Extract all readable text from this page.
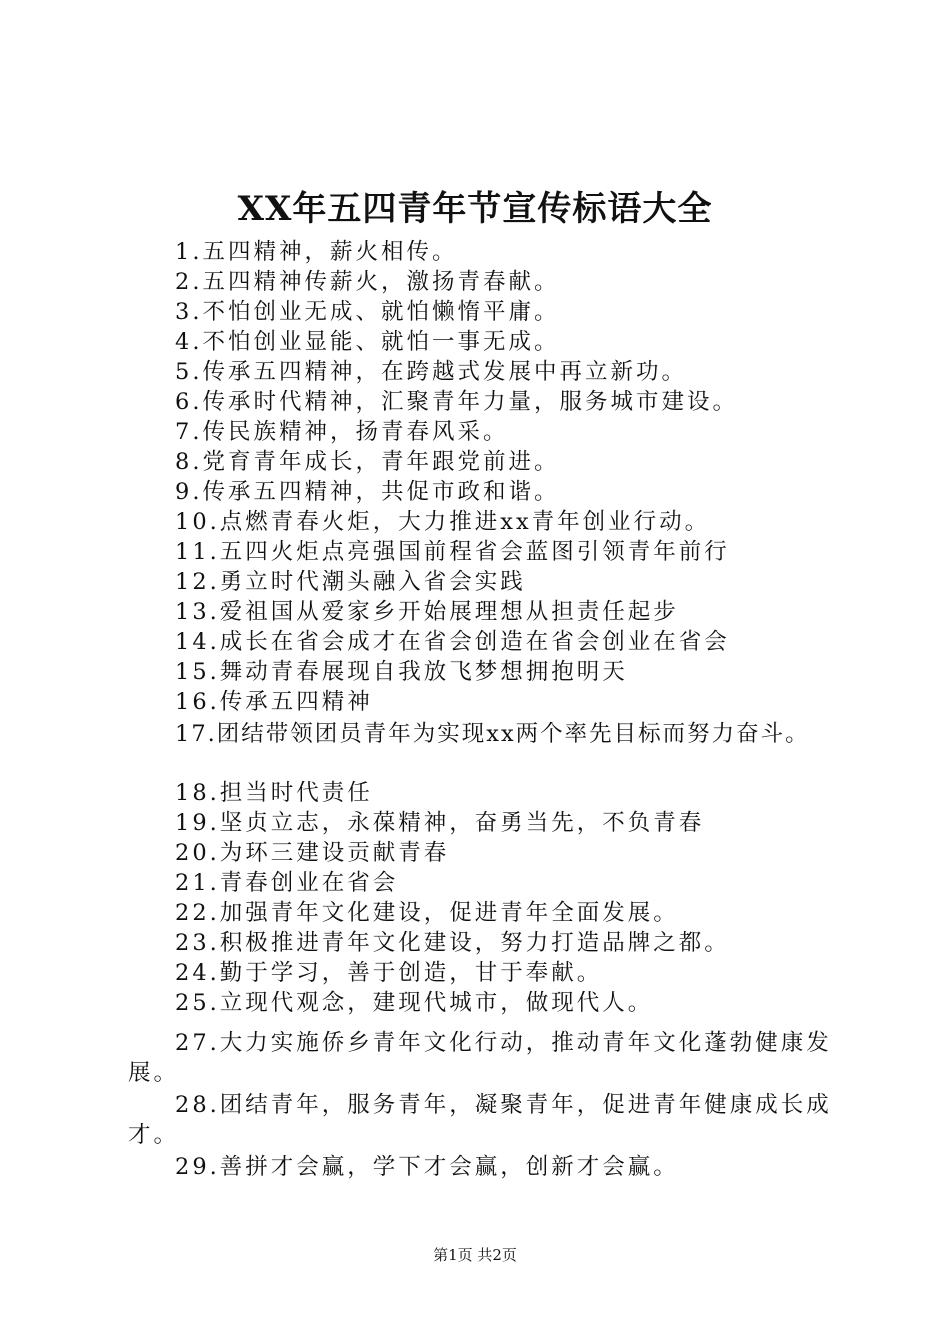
XX年五四青年节宣传标语大全
1.五四精神，薪火相传。
2.五四精神传薪火，激扬青春献。
3.不怕创业无成、就怕懒惰平庸。
4.不怕创业显能、就怕一事无成。
5.传承五四精神，在跨越式发展中再立新功。
6.传承时代精神，汇聚青年力量，服务城市建设。
7.传民族精神，扬青春风采。
8.党育青年成长，青年跟党前进。
9.传承五四精神，共促市政和谐。
10.点燃青春火炬，大力推进xx青年创业行动。
11.五四火炬点亮强国前程省会蓝图引领青年前行
12.勇立时代潮头融入省会实践
13.爱祖国从爱家乡开始展理想从担责任起步
14.成长在省会成才在省会创造在省会创业在省会
15.舞动青春展现自我放飞梦想拥抱明天
16.传承五四精神
17.团结带领团员青年为实现xx两个率先目标而努力奋斗。
18.担当时代责任
19.坚贞立志，永葆精神，奋勇当先，不负青春
20.为环三建设贡献青春
21.青春创业在省会
22.加强青年文化建设，促进青年全面发展。
23.积极推进青年文化建设，努力打造品牌之都。
24.勤于学习，善于创造，甘于奉献。
25.立现代观念，建现代城市，做现代人。
27.大力实施侨乡青年文化行动，推动青年文化蓬勃健康发
展。
28.团结青年，服务青年，凝聚青年，促进青年健康成长成
才。
29.善拼才会赢，学下才会赢，创新才会赢。
第1页 共2页
